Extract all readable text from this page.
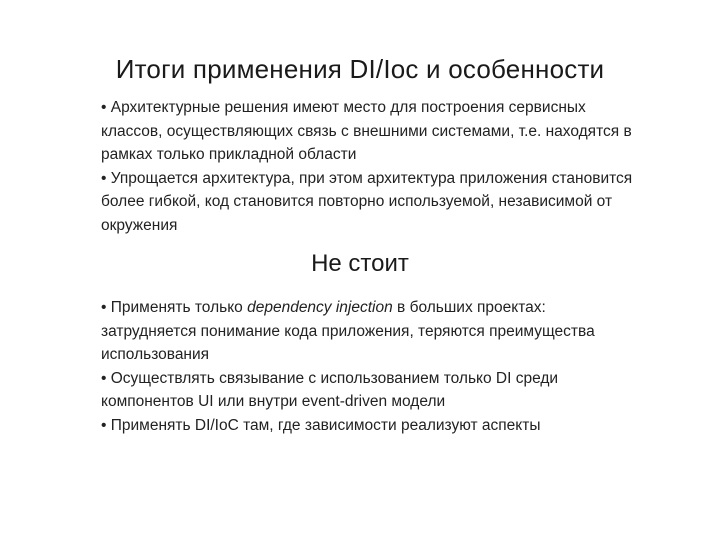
Итоги применения DI/Ioc и особенности

• Архитектурные решения имеют место для построения сервисных классов, осуществляющих связь с внешними системами, т.е. находятся в рамках только прикладной области

• Упрощается архитектура, при этом архитектура приложения становится более гибкой, код становится повторно используемой, независимой от окружения

Не стоит

• Применять только dependency injection в больших проектах: затрудняется понимание кода приложения, теряются преимущества использования

• Осуществлять связывание с использованием только DI среди компонентов UI или внутри event-driven модели

• Применять DI/IoC там, где зависимости реализуют аспекты
